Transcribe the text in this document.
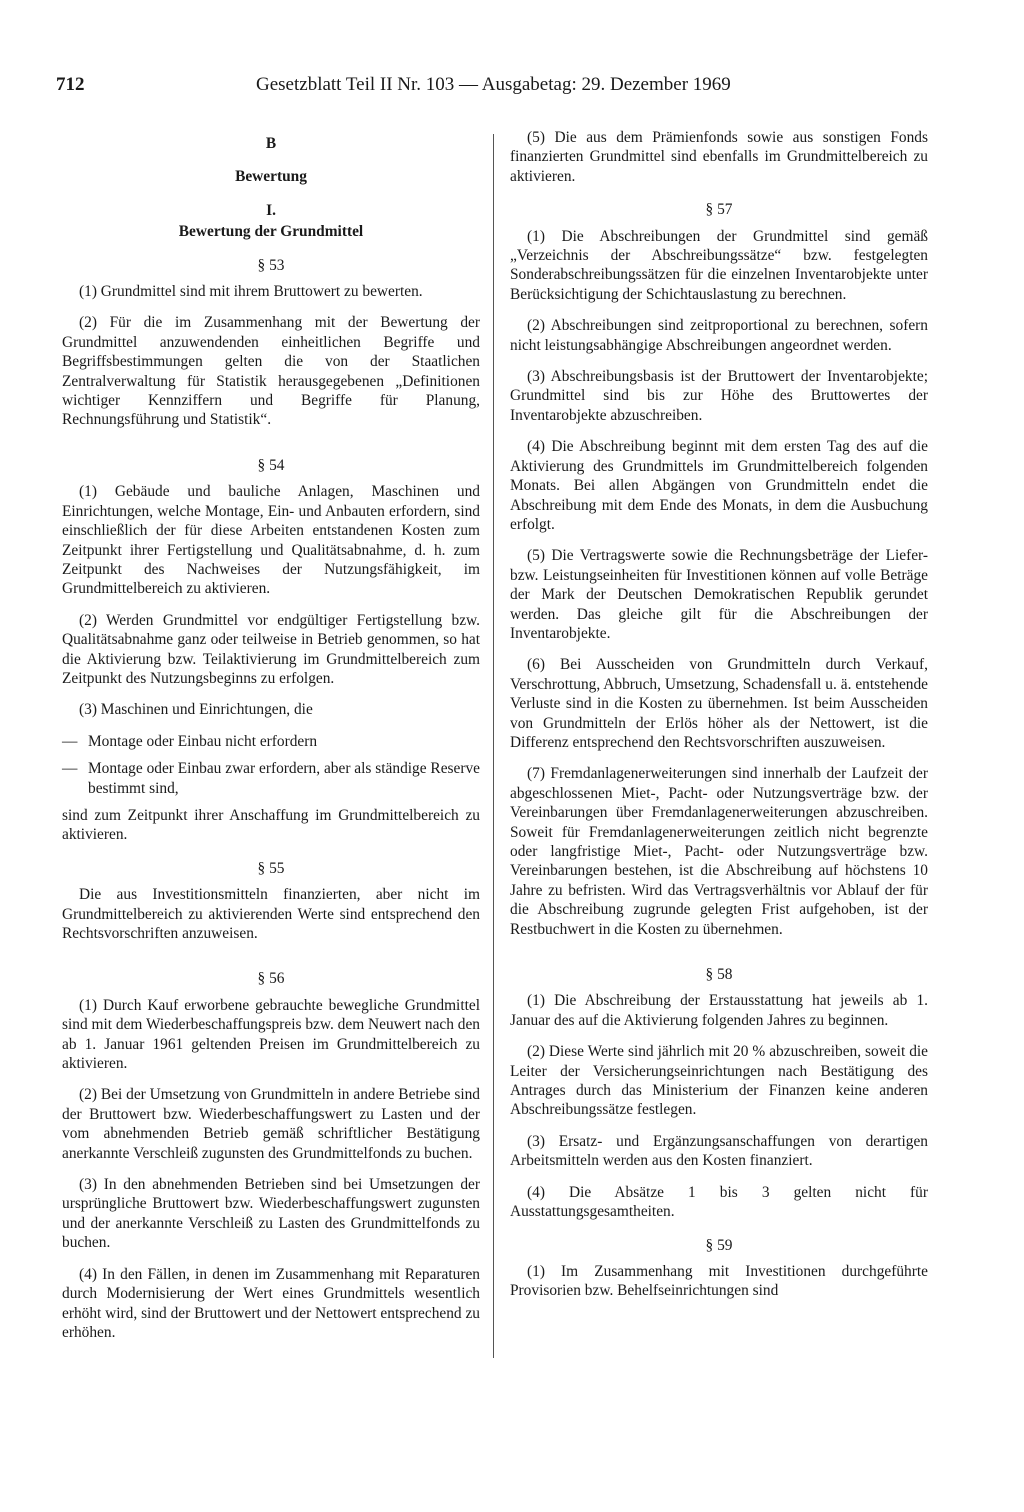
712	Gesetzblatt Teil II Nr. 103 — Ausgabetag: 29. Dezember 1969

B

Bewertung

I.

Bewertung der Grundmittel

§ 53

(1) Grundmittel sind mit ihrem Bruttowert zu bewerten.

(2) Für die im Zusammenhang mit der Bewertung der Grundmittel anzuwendenden einheitlichen Begriffe und Begriffsbestimmungen gelten die von der Staatlichen Zentralverwaltung für Statistik herausgegebenen „Definitionen wichtiger Kennziffern und Begriffe für Planung, Rechnungsführung und Statistik“.

§ 54

(1) Gebäude und bauliche Anlagen, Maschinen und Einrichtungen, welche Montage, Ein- und Anbauten erfordern, sind einschließlich der für diese Arbeiten entstandenen Kosten zum Zeitpunkt ihrer Fertigstellung und Qualitätsabnahme, d. h. zum Zeitpunkt des Nachweises der Nutzungsfähigkeit, im Grundmittelbereich zu aktivieren.

(2) Werden Grundmittel vor endgültiger Fertigstellung bzw. Qualitätsabnahme ganz oder teilweise in Betrieb genommen, so hat die Aktivierung bzw. Teilaktivierung im Grundmittelbereich zum Zeitpunkt des Nutzungsbeginns zu erfolgen.

(3) Maschinen und Einrichtungen, die

— Montage oder Einbau nicht erfordern

— Montage oder Einbau zwar erfordern, aber als ständige Reserve bestimmt sind,

sind zum Zeitpunkt ihrer Anschaffung im Grundmittelbereich zu aktivieren.

§ 55

Die aus Investitionsmitteln finanzierten, aber nicht im Grundmittelbereich zu aktivierenden Werte sind entsprechend den Rechtsvorschriften anzuweisen.

§ 56

(1) Durch Kauf erworbene gebrauchte bewegliche Grundmittel sind mit dem Wiederbeschaffungspreis bzw. dem Neuwert nach den ab 1. Januar 1961 geltenden Preisen im Grundmittelbereich zu aktivieren.

(2) Bei der Umsetzung von Grundmitteln in andere Betriebe sind der Bruttowert bzw. Wiederbeschaffungswert zu Lasten und der vom abnehmenden Betrieb gemäß schriftlicher Bestätigung anerkannte Verschleiß zugunsten des Grundmittelfonds zu buchen.

(3) In den abnehmenden Betrieben sind bei Umsetzungen der ursprüngliche Bruttowert bzw. Wiederbeschaffungswert zugunsten und der anerkannte Verschleiß zu Lasten des Grundmittelfonds zu buchen.

(4) In den Fällen, in denen im Zusammenhang mit Reparaturen durch Modernisierung der Wert eines Grundmittels wesentlich erhöht wird, sind der Bruttowert und der Nettowert entsprechend zu erhöhen.

(5) Die aus dem Prämienfonds sowie aus sonstigen Fonds finanzierten Grundmittel sind ebenfalls im Grundmittelbereich zu aktivieren.

§ 57

(1) Die Abschreibungen der Grundmittel sind gemäß „Verzeichnis der Abschreibungssätze“ bzw. festgelegten Sonderabschreibungssätzen für die einzelnen Inventarobjekte unter Berücksichtigung der Schichtauslastung zu berechnen.

(2) Abschreibungen sind zeitproportional zu berechnen, sofern nicht leistungsabhängige Abschreibungen angeordnet werden.

(3) Abschreibungsbasis ist der Bruttowert der Inventarobjekte; Grundmittel sind bis zur Höhe des Bruttowertes der Inventarobjekte abzuschreiben.

(4) Die Abschreibung beginnt mit dem ersten Tag des auf die Aktivierung des Grundmittels im Grundmittelbereich folgenden Monats. Bei allen Abgängen von Grundmitteln endet die Abschreibung mit dem Ende des Monats, in dem die Ausbuchung erfolgt.

(5) Die Vertragswerte sowie die Rechnungsbeträge der Liefer- bzw. Leistungseinheiten für Investitionen können auf volle Beträge der Mark der Deutschen Demokratischen Republik gerundet werden. Das gleiche gilt für die Abschreibungen der Inventarobjekte.

(6) Bei Ausscheiden von Grundmitteln durch Verkauf, Verschrottung, Abbruch, Umsetzung, Schadensfall u. ä. entstehende Verluste sind in die Kosten zu übernehmen. Ist beim Ausscheiden von Grundmitteln der Erlös höher als der Nettowert, ist die Differenz entsprechend den Rechtsvorschriften auszuweisen.

(7) Fremdanlagenerweiterungen sind innerhalb der Laufzeit der abgeschlossenen Miet-, Pacht- oder Nutzungsverträge bzw. der Vereinbarungen über Fremdanlagenerweiterungen abzuschreiben. Soweit für Fremdanlagenerweiterungen zeitlich nicht begrenzte oder langfristige Miet-, Pacht- oder Nutzungsverträge bzw. Vereinbarungen bestehen, ist die Abschreibung auf höchstens 10 Jahre zu befristen. Wird das Vertragsverhältnis vor Ablauf der für die Abschreibung zugrunde gelegten Frist aufgehoben, ist der Restbuchwert in die Kosten zu übernehmen.

§ 58

(1) Die Abschreibung der Erstausstattung hat jeweils ab 1. Januar des auf die Aktivierung folgenden Jahres zu beginnen.

(2) Diese Werte sind jährlich mit 20 % abzuschreiben, soweit die Leiter der Versicherungseinrichtungen nach Bestätigung des Antrages durch das Ministerium der Finanzen keine anderen Abschreibungssätze festlegen.

(3) Ersatz- und Ergänzungsanschaffungen von derartigen Arbeitsmitteln werden aus den Kosten finanziert.

(4) Die Absätze 1 bis 3 gelten nicht für Ausstattungsgesamtheiten.

§ 59

(1) Im Zusammenhang mit Investitionen durchgeführte Provisorien bzw. Behelfseinrichtungen sind
